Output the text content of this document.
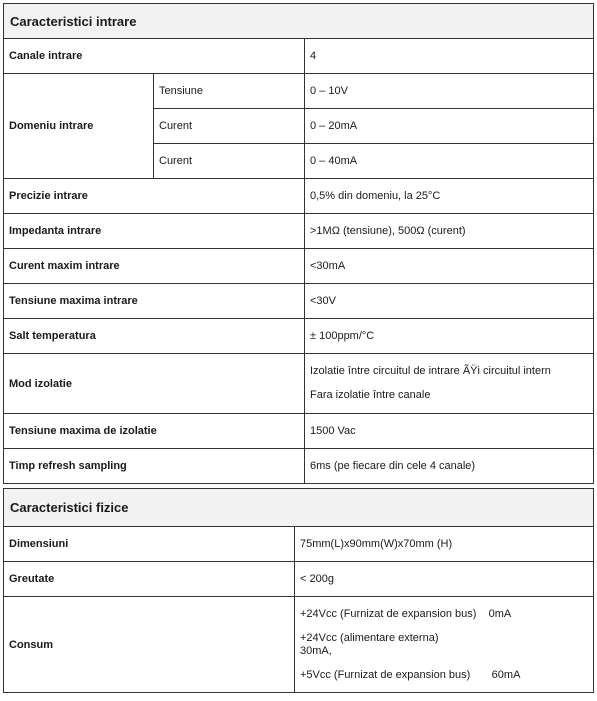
Caracteristici intrare		
Canale intrare		4
Domeniu intrare	Tensiune	0 – 10V
	Curent	0 – 20mA
	Curent	0 – 40mA
Precizie intrare		0,5% din domeniu, la 25°C
Impedanta intrare		>1MΩ (tensiune), 500Ω (curent)
Curent maxim intrare		<30mA
Tensiune maxima intrare		<30V
Salt temperatura		± 100ppm/°C
Mod izolatie		Izolatie între circuitul de intrare ÃŸi circuitul intern
Fara izolatie între canale

Tensiune maxima de izolatie		1500 Vac
Timp refresh sampling		6ms (pe fiecare din cele 4 canale)
Caracteristici fizice	
Dimensiuni	75mm(L)x90mm(W)x70mm (H)
Greutate	< 200g
Consum	+24Vcc (Furnizat de expansion bus)    0mA
+24Vcc (alimentare externa)
30mA,
+5Vcc (Furnizat de expansion bus)       60mA
